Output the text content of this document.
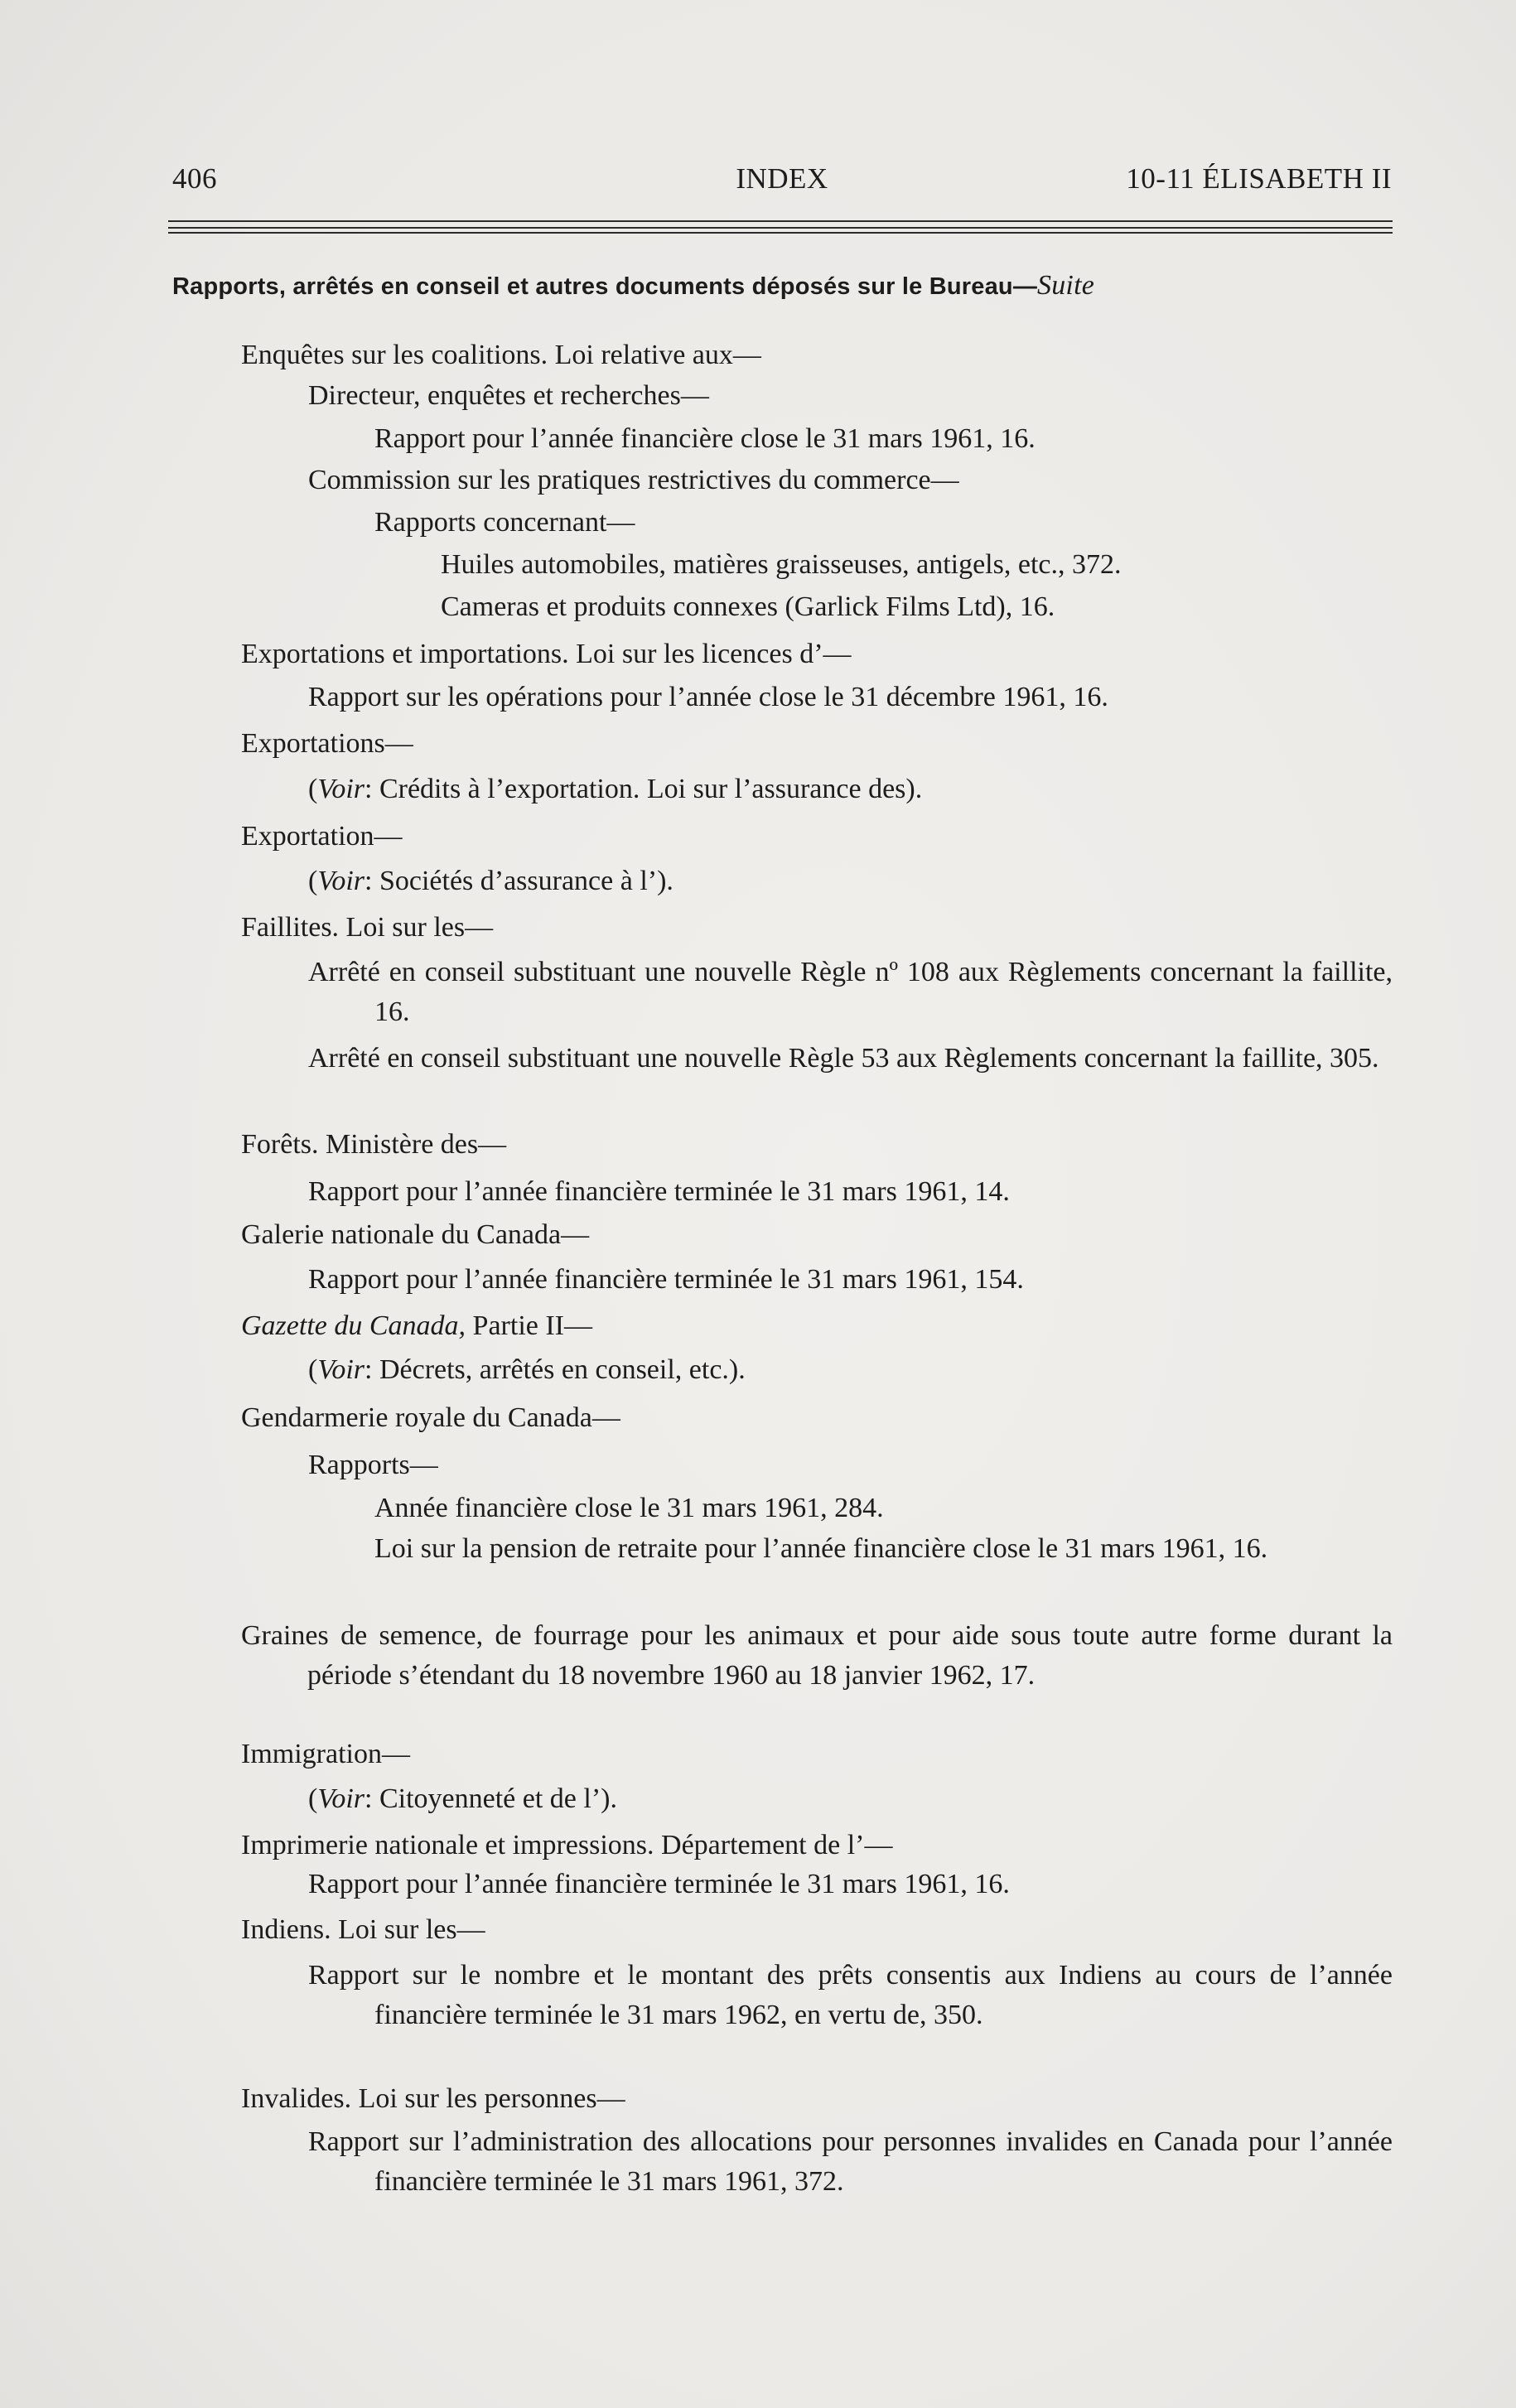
406	INDEX	10-11 ÉLISABETH II
Rapports, arrêtés en conseil et autres documents déposés sur le Bureau—Suite
Enquêtes sur les coalitions. Loi relative aux—
Directeur, enquêtes et recherches—
Rapport pour l’année financière close le 31 mars 1961, 16.
Commission sur les pratiques restrictives du commerce—
Rapports concernant—
Huiles automobiles, matières graisseuses, antigels, etc., 372.
Cameras et produits connexes (Garlick Films Ltd), 16.
Exportations et importations. Loi sur les licences d’—
Rapport sur les opérations pour l’année close le 31 décembre 1961, 16.
Exportations—
(Voir: Crédits à l’exportation. Loi sur l’assurance des).
Exportation—
(Voir: Sociétés d’assurance à l’).
Faillites. Loi sur les—
Arrêté en conseil substituant une nouvelle Règle nº 108 aux Règlements concernant la faillite, 16.
Arrêté en conseil substituant une nouvelle Règle 53 aux Règlements concernant la faillite, 305.
Forêts. Ministère des—
Rapport pour l’année financière terminée le 31 mars 1961, 14.
Galerie nationale du Canada—
Rapport pour l’année financière terminée le 31 mars 1961, 154.
Gazette du Canada, Partie II—
(Voir: Décrets, arrêtés en conseil, etc.).
Gendarmerie royale du Canada—
Rapports—
Année financière close le 31 mars 1961, 284.
Loi sur la pension de retraite pour l’année financière close le 31 mars 1961, 16.
Graines de semence, de fourrage pour les animaux et pour aide sous toute autre forme durant la période s’étendant du 18 novembre 1960 au 18 janvier 1962, 17.
Immigration—
(Voir: Citoyenneté et de l’).
Imprimerie nationale et impressions. Département de l’—
Rapport pour l’année financière terminée le 31 mars 1961, 16.
Indiens. Loi sur les—
Rapport sur le nombre et le montant des prêts consentis aux Indiens au cours de l’année financière terminée le 31 mars 1962, en vertu de, 350.
Invalides. Loi sur les personnes—
Rapport sur l’administration des allocations pour personnes invalides en Canada pour l’année financière terminée le 31 mars 1961, 372.
